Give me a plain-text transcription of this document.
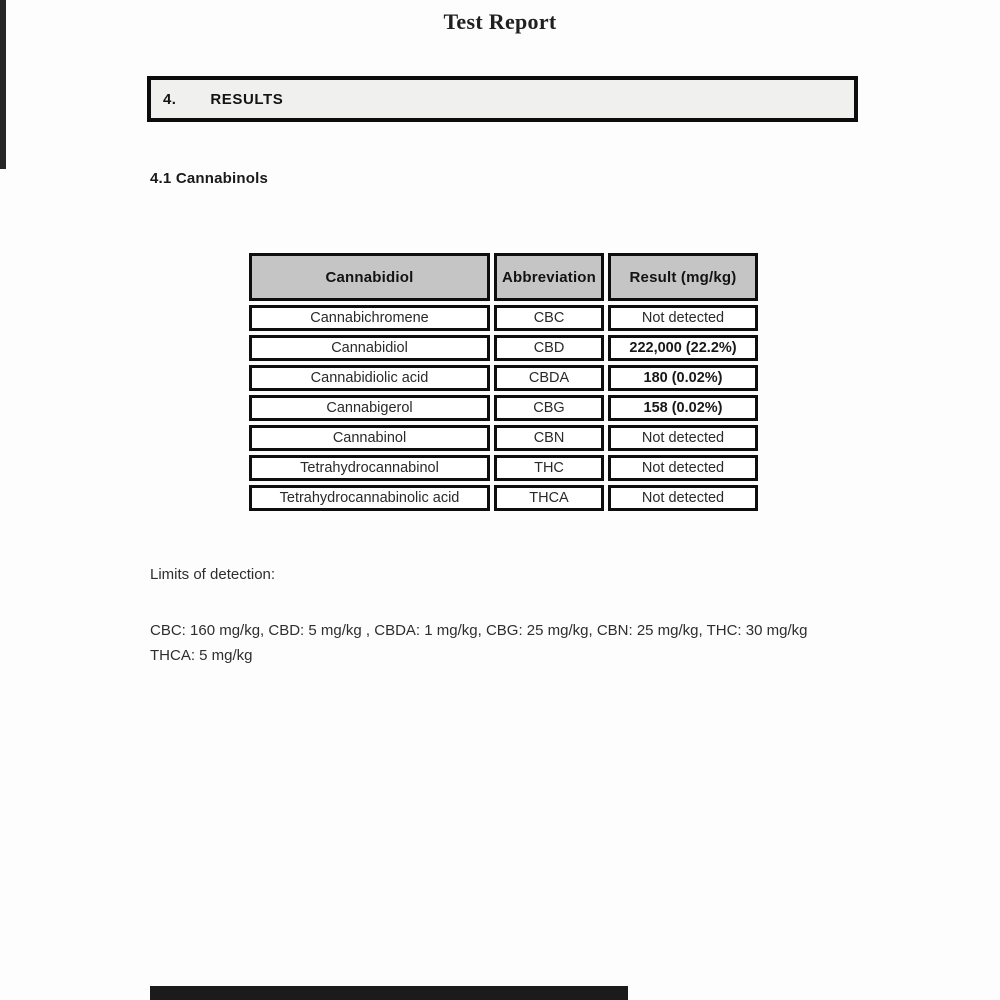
Test Report
4. RESULTS
4.1 Cannabinols
Cannabidiol	Abbreviation	Result (mg/kg)
Cannabichromene	CBC	Not detected
Cannabidiol	CBD	222,000 (22.2%)
Cannabidiolic acid	CBDA	180 (0.02%)
Cannabigerol	CBG	158 (0.02%)
Cannabinol	CBN	Not detected
Tetrahydrocannabinol	THC	Not detected
Tetrahydrocannabinolic acid	THCA	Not detected
Limits of detection:
CBC: 160 mg/kg, CBD: 5 mg/kg , CBDA: 1 mg/kg, CBG: 25 mg/kg, CBN: 25 mg/kg, THC: 30 mg/kg
THCA: 5 mg/kg
